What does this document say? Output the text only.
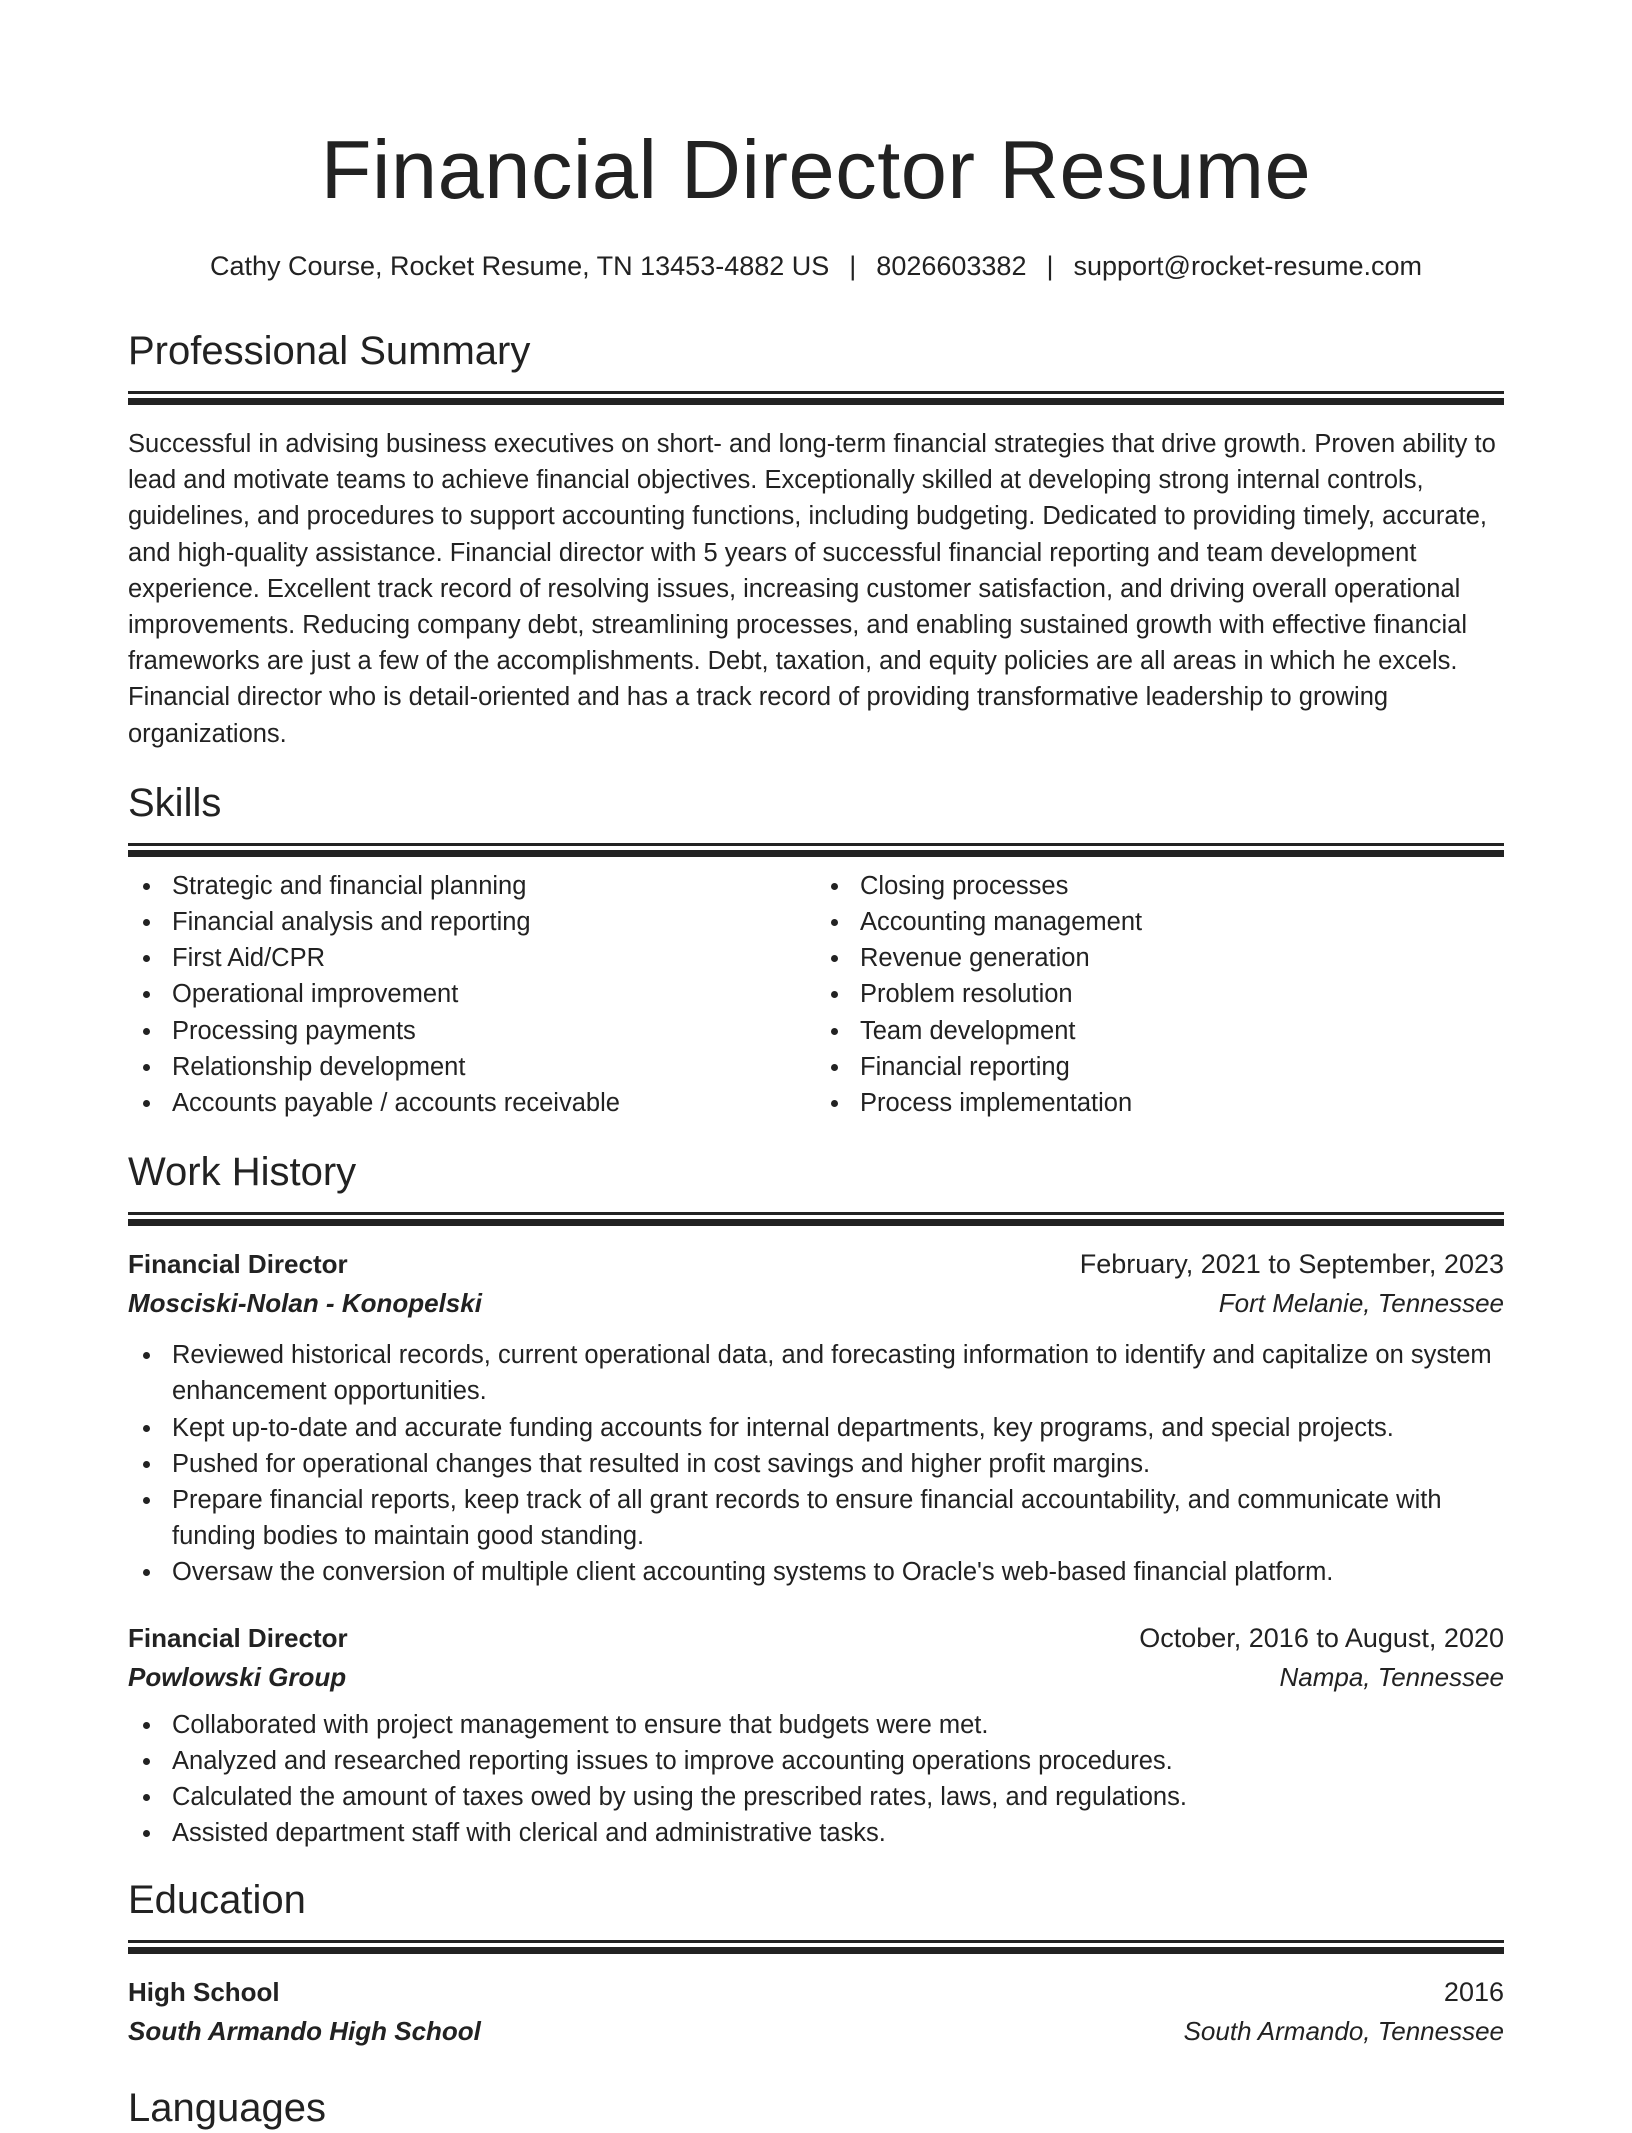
Financial Director Resume
Cathy Course, Rocket Resume, TN 13453-4882 US | 8026603382 | support@rocket-resume.com
Professional Summary

Successful in advising business executives on short- and long-term financial strategies that drive growth. Proven ability to lead and motivate teams to achieve financial objectives. Exceptionally skilled at developing strong internal controls, guidelines, and procedures to support accounting functions, including budgeting. Dedicated to providing timely, accurate, and high-quality assistance. Financial director with 5 years of successful financial reporting and team development experience. Excellent track record of resolving issues, increasing customer satisfaction, and driving overall operational improvements. Reducing company debt, streamlining processes, and enabling sustained growth with effective financial frameworks are just a few of the accomplishments. Debt, taxation, and equity policies are all areas in which he excels. Financial director who is detail-oriented and has a track record of providing transformative leadership to growing organizations.

Skills
Strategic and financial planning
Financial analysis and reporting
First Aid/CPR
Operational improvement
Processing payments
Relationship development
Accounts payable / accounts receivable
Closing processes
Accounting management
Revenue generation
Problem resolution
Team development
Financial reporting
Process implementation
Work History
Financial Director	February, 2021 to September, 2023
Mosciski-Nolan - Konopelski	Fort Melanie, Tennessee
Reviewed historical records, current operational data, and forecasting information to identify and capitalize on system enhancement opportunities.
Kept up-to-date and accurate funding accounts for internal departments, key programs, and special projects.
Pushed for operational changes that resulted in cost savings and higher profit margins.
Prepare financial reports, keep track of all grant records to ensure financial accountability, and communicate with funding bodies to maintain good standing.
Oversaw the conversion of multiple client accounting systems to Oracle's web-based financial platform.
Financial Director	October, 2016 to August, 2020
Powlowski Group	Nampa, Tennessee
Collaborated with project management to ensure that budgets were met.
Analyzed and researched reporting issues to improve accounting operations procedures.
Calculated the amount of taxes owed by using the prescribed rates, laws, and regulations.
Assisted department staff with clerical and administrative tasks.
Education
High School	2016
South Armando High School	South Armando, Tennessee
Languages
